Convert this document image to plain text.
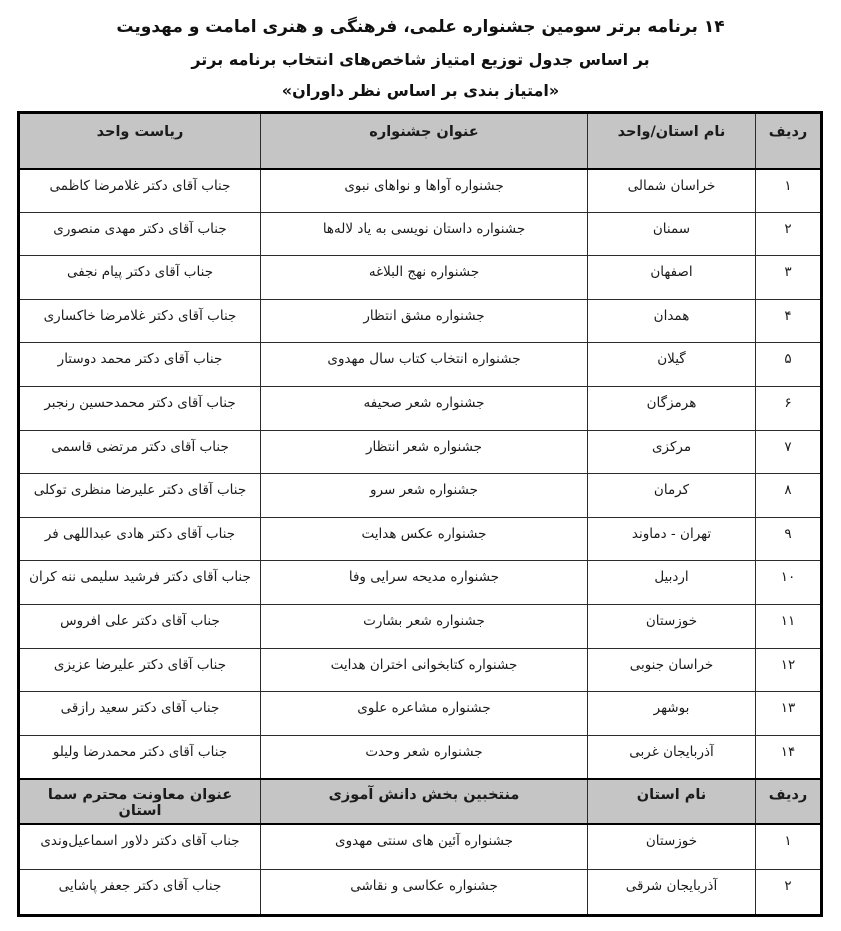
۱۴ برنامه برتر سومین جشنواره علمی، فرهنگی و هنری امامت و مهدویت
بر اساس جدول توزیع امتیاز شاخص‌های انتخاب برنامه برتر
«امتیاز بندی بر اساس نظر داوران»
ردیف	نام استان/واحد	عنوان جشنواره	ریاست واحد
۱	خراسان شمالی	جشنواره آواها و نواهای نبوی	جناب آقای دکتر غلامرضا کاظمی
۲	سمنان	جشنواره داستان نویسی به یاد لاله‌ها	جناب آقای دکتر مهدی منصوری
۳	اصفهان	جشنواره نهج البلاغه	جناب آقای دکتر پیام نجفی
۴	همدان	جشنواره مشق انتظار	جناب آقای دکتر غلامرضا خاکساری
۵	گیلان	جشنواره انتخاب کتاب سال مهدوی	جناب آقای دکتر محمد دوستار
۶	هرمزگان	جشنواره شعر صحیفه	جناب آقای دکتر محمدحسین رنجبر
۷	مرکزی	جشنواره شعر انتظار	جناب آقای دکتر مرتضی قاسمی
۸	کرمان	جشنواره شعر سرو	جناب آقای دکتر علیرضا منظری توکلی
۹	تهران - دماوند	جشنواره عکس هدایت	جناب آقای دکتر هادی عبداللهی فر
۱۰	اردبیل	جشنواره مدیحه سرایی وفا	جناب آقای دکتر فرشید سلیمی ننه کران
۱۱	خوزستان	جشنواره شعر بشارت	جناب آقای دکتر علی افروس
۱۲	خراسان جنوبی	جشنواره کتابخوانی اختران هدایت	جناب آقای دکتر علیرضا عزیزی
۱۳	بوشهر	جشنواره مشاعره علوی	جناب آقای دکتر سعید رازقی
۱۴	آذربایجان غربی	جشنواره شعر وحدت	جناب آقای دکتر محمدرضا ولیلو
ردیف	نام استان	منتخبین بخش دانش آموزی	عنوان معاونت محترم سما استان
۱	خوزستان	جشنواره آئین های سنتی مهدوی	جناب آقای دکتر دلاور اسماعیل‌وندی
۲	آذربایجان شرقی	جشنواره عکاسی و نقاشی	جناب آقای دکتر جعفر پاشایی
